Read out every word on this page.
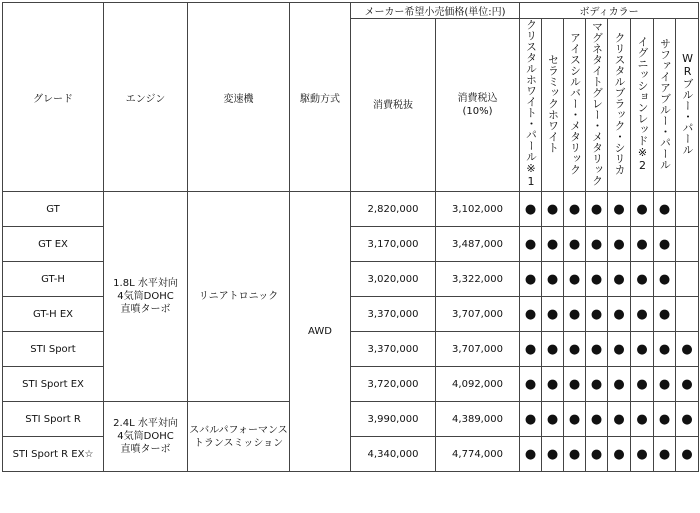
グレード	エンジン	変速機	駆動方式	メーカー希望小売価格(単位:円)		ボディカラー							
						クリスタルホワイト・パール※1	セラミックホワイト	アイスシルバー・メタリック	マグネタイトグレー・メタリック	クリスタルブラック・シリカ	イグニッションレッド※2	サファイアブルー・パール	WRブルー・パール
				消費税抜	消費税込
(10%)								

GT	1.8L 水平対向
4気筒DOHC
直噴ターボ	リニアトロニック	AWD	2,820,000	3,102,000	●	●	●	●	●	●	●	
GT EX				3,170,000	3,487,000	●	●	●	●	●	●	●	
GT-H				3,020,000	3,322,000	●	●	●	●	●	●	●	
GT-H EX				3,370,000	3,707,000	●	●	●	●	●	●	●	
STI Sport				3,370,000	3,707,000	●	●	●	●	●	●	●	●
STI Sport EX				3,720,000	4,092,000	●	●	●	●	●	●	●	●
STI Sport R	2.4L 水平対向
4気筒DOHC
直噴ターボ	スバルパフォーマンス
トランスミッション		3,990,000	4,389,000	●	●	●	●	●	●	●	●
STI Sport R EX☆				4,340,000	4,774,000	●	●	●	●	●	●	●	●
